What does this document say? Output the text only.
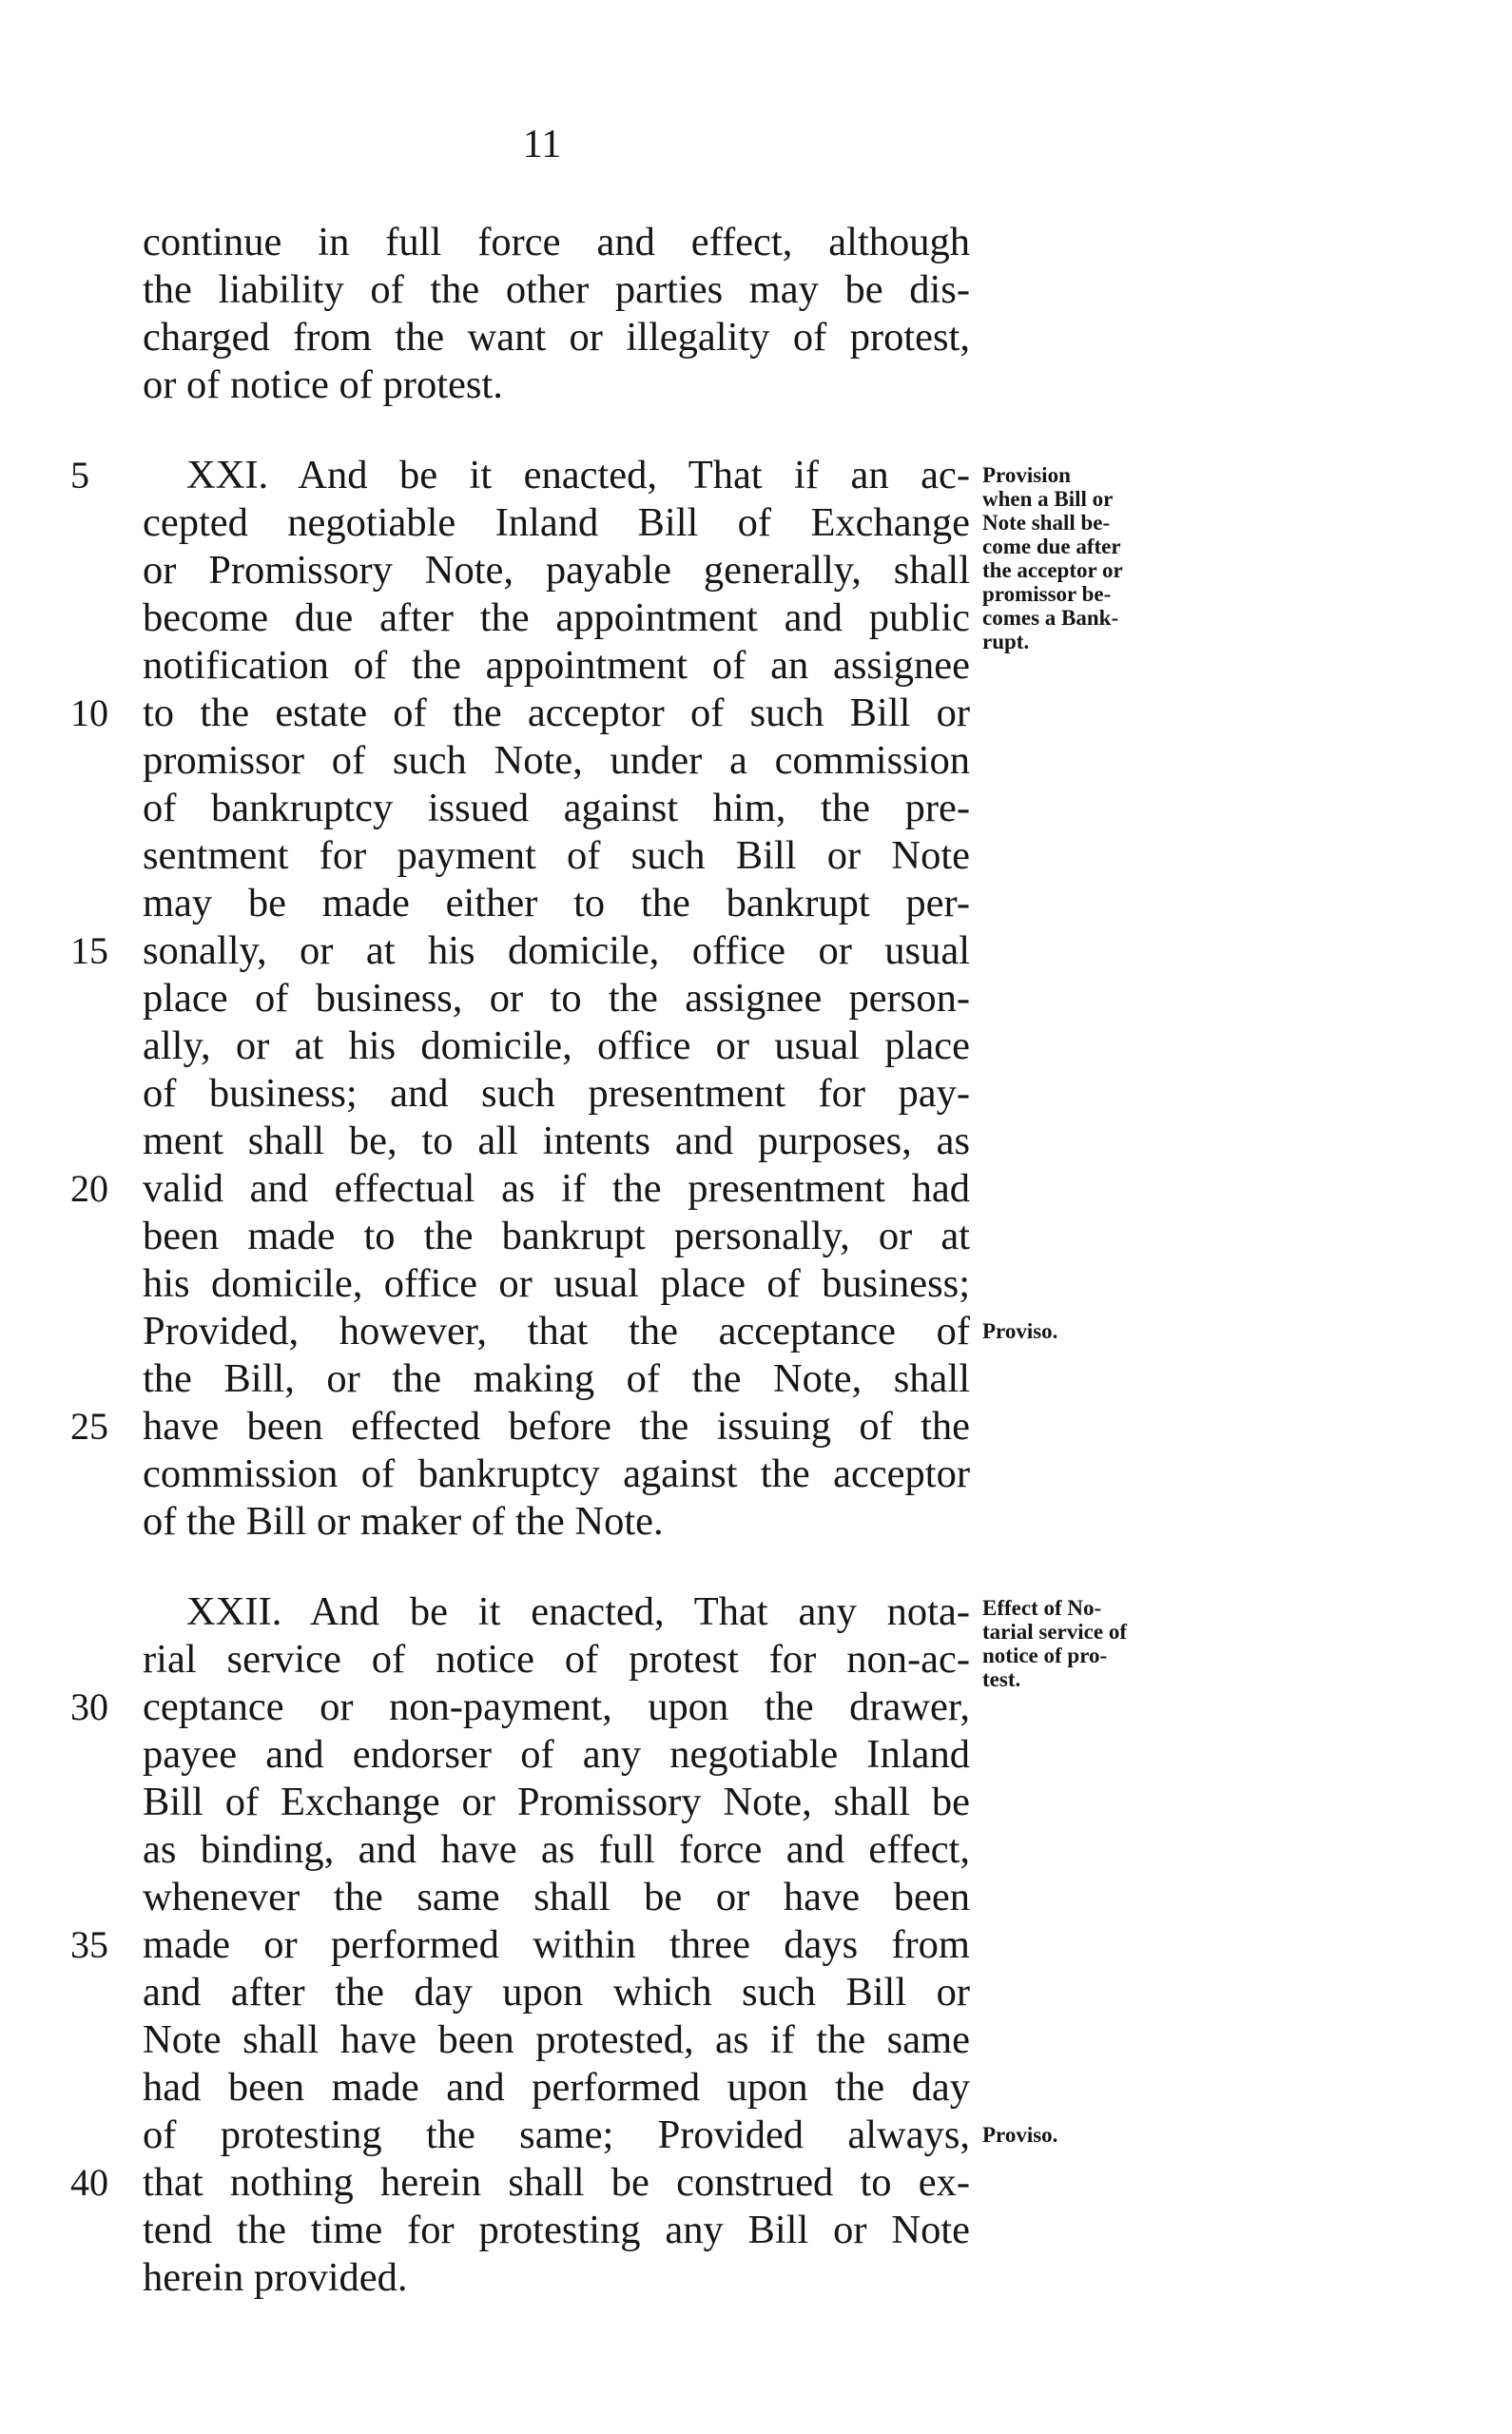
11
continue in full force and effect, although
the liability of the other parties may be dis-
charged from the want or illegality of protest,
or of notice of protest.
XXI. And be it enacted, That if an ac-
cepted negotiable Inland Bill of Exchange
or Promissory Note, payable generally, shall
become due after the appointment and public
notification of the appointment of an assignee
to the estate of the acceptor of such Bill or
promissor of such Note, under a commission
of bankruptcy issued against him, the pre-
sentment for payment of such Bill or Note
may be made either to the bankrupt per-
sonally, or at his domicile, office or usual
place of business, or to the assignee person-
ally, or at his domicile, office or usual place
of business; and such presentment for pay-
ment shall be, to all intents and purposes, as
valid and effectual as if the presentment had
been made to the bankrupt personally, or at
his domicile, office or usual place of business;
Provided, however, that the acceptance of
the Bill, or the making of the Note, shall
have been effected before the issuing of the
commission of bankruptcy against the acceptor
of the Bill or maker of the Note.
XXII. And be it enacted, That any nota-
rial service of notice of protest for non-ac-
ceptance or non-payment, upon the drawer,
payee and endorser of any negotiable Inland
Bill of Exchange or Promissory Note, shall be
as binding, and have as full force and effect,
whenever the same shall be or have been
made or performed within three days from
and after the day upon which such Bill or
Note shall have been protested, as if the same
had been made and performed upon the day
of protesting the same; Provided always,
that nothing herein shall be construed to ex-
tend the time for protesting any Bill or Note
herein provided.
5
10
15
20
25
30
35
40
Provision
when a Bill or
Note shall be-
come due after
the acceptor or
promissor be-
comes a Bank-
rupt.
Proviso.
Effect of No-
tarial service of
notice of pro-
test.
Proviso.
